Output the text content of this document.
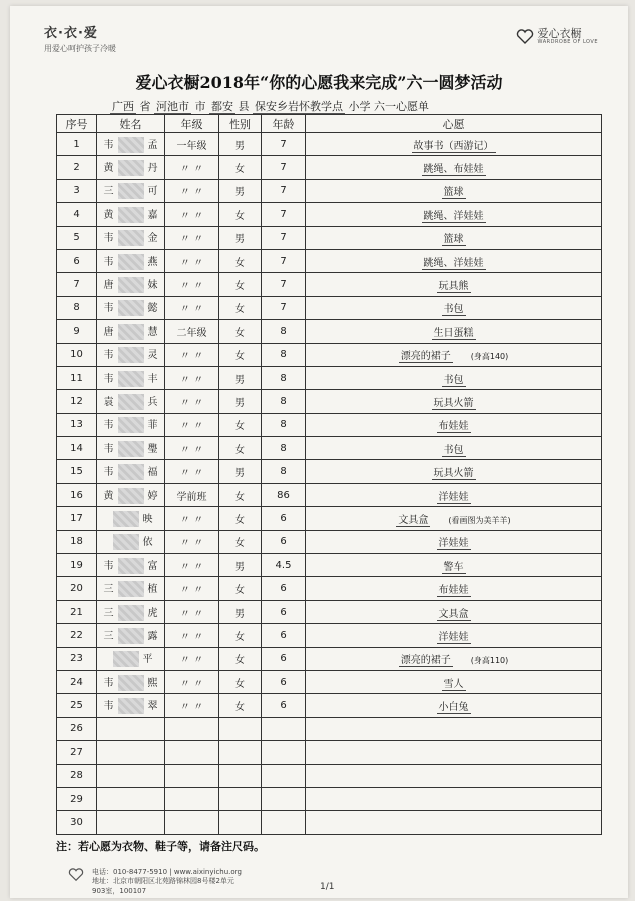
衣·衣·爱
用爱心呵护孩子冷暖
爱心衣橱
WARDROBE OF LOVE
爱心衣橱2018年“你的心愿我来完成”六一圆梦活动
广西 省 河池市 市 都安 县 保安乡岩怀教学点 小学 六一心愿单
序号	姓名	年级	性别	年龄	心愿
1	韦 孟	一年级	男	7	故事书（西游记）
2	黄 丹	〃 〃	女	7	跳绳、布娃娃
3	三 可	〃 〃	男	7	篮球
4	黄 嘉	〃 〃	女	7	跳绳、洋娃娃
5	韦 金	〃 〃	男	7	篮球
6	韦 燕	〃 〃	女	7	跳绳、洋娃娃
7	唐 妹	〃 〃	女	7	玩具熊
8	韦 懿	〃 〃	女	7	书包
9	唐 慧	二年级	女	8	生日蛋糕
10	韦 灵	〃 〃	女	8	漂亮的裙子 (身高140)
11	韦 丰	〃 〃	男	8	书包
12	袁 兵	〃 〃	男	8	玩具火箭
13	韦 菲	〃 〃	女	8	布娃娃
14	韦 璺	〃 〃	女	8	书包
15	韦 福	〃 〃	男	8	玩具火箭
16	黄 婷	学前班	女	86	洋娃娃
17	映	〃 〃	女	6	文具盒 (看画图为美羊羊)
18	依	〃 〃	女	6	洋娃娃
19	韦 富	〃 〃	男	4.5	警车
20	三 植	〃 〃	女	6	布娃娃
21	三 虎	〃 〃	男	6	文具盒
22	三 露	〃 〃	女	6	洋娃娃
23	平	〃 〃	女	6	漂亮的裙子 (身高110)
24	韦 熙	〃 〃	女	6	雪人
25	韦 翠	〃 〃	女	6	小白兔
26					
27					
28					
29					
30					
注：若心愿为衣物、鞋子等，请备注尺码。
电话：010-8477-5910 | www.aixinyichu.org
地址：北京市朝阳区北苑路锦林园8号楼2单元
903室，100107	1/1
